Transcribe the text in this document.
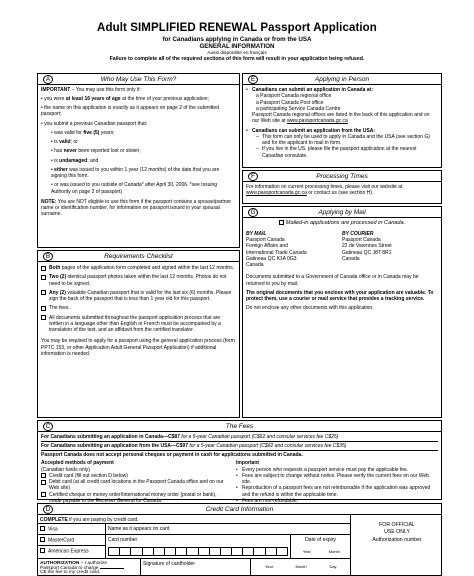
Adult SIMPLIFIED RENEWAL Passport Application
for Canadians applying in Canada or from the USA
GENERAL INFORMATION
Aussi disponible en français
Failure to complete all of the required sections of this form will result in your application being refused.
A	Who May Use This Form?
IMPORTANT – You may use this form only if:
• you were at least 16 years of age at the time of your previous application;
• the name on this application is exactly as it appears on page 2 of the submitted passport;
• you submit a previous Canadian passport that:
• was valid for five (5) years;
• is valid; or
• has never been reported lost or stolen;
• is undamaged; and
• either was issued to you within 1 year (12 months) of the date that you are signing this form.
• or was issued to you outside of Canada* after April 30, 2006. *see Issuing Authority on page 2 of passport)
NOTE: You are NOT eligible to use this form if the passport contains a spouse/partner name or identification number, for information on passport issued in your spousal surname.
B	Requirements Checklist
Both pages of the application form completed and signed within the last 12 months.
Two (2) identical passport photos taken within the last 12 months. Photos do not need to be signed.
Any (2) valuable Canadian passport that is valid for the last six (6) months. Please sign the back of the passport that is less than 1 year old for this passport.
The fees.
All documents submitted throughout the passport application process that are written in a language other than English or French must be accompanied by a translation of the text, and an affidavit from the certified translator.
You may be required to apply for a passport using the general application process (form PPTC 153, or other Application Adult General Passport Application) if additional information is needed.
E	Applying in Person
• Canadians can submit an application in Canada at:
a Passport Canada regional office
a Passport Canada Post office
a participating Service Canada Centre
Passport Canada regional offices are listed in the back of this application and on our Web site at www.passportcanada.gc.ca
• Canadians can submit an application from the USA:
– This form can only be used to apply in Canada and the USA (see section G) and for the applicant to mail in form.
– If you live in the US, please file the passport application at the nearest Canadian consulate.
F	Processing Times
For information on current processing times, please visit our website at www.passportcanada.gc.ca or contact us (see section H).
G	Applying by Mail
Mailed-in applications are processed in Canada.
BY MAIL
Passport Canada
Foreign Affairs and
International Trade Canada
Gatineau QC K1A 0G3
Canada
BY COURIER
Passport Canada
22 de Varennes Street
Gatineau QC J8T 8R1
Canada
Documents submitted to a Government of Canada office or in Canada may be returned to you by mail.
The original documents that you enclose with your application are valuable. To protect them, use a courier or mail service that provides a tracking service.
Do not enclose any other documents with this application.
C	The Fees
For Canadians submitting an application in Canada—C$87 for a 5-year Canadian passport (C$62 and consular services fee C$25)
For Canadians submitting an application from the USA—C$97 for a 5-year Canadian passport (C$62 and consular services fee C$35)
Passport Canada does not accept personal cheques or payment in cash for applications submitted in Canada.
Accepted methods of payment
(Canadian funds only)
Credit card (fill out section D below)
Debit card (at all credit card locations in the Passport Canada office and on our Web site)
Certified cheque or money order/International money order (postal or bank), made payable to the Receiver General for Canada.
Important
• Every person who requests a passport service must pay the applicable fee.
• Fees are subject to change without notice. Please verify the current fees on our Web site.
• Reproduction of a passport fees are not reimbursable if the application was approved and the refund is within the applicable time.
• Fees are non-refundable.
D	Credit Card Information
COMPLETE if you are paying by credit card.
Visa
MasterCard
American Express
Name as it appears on card
Card number	Date of expiry
Year	Month
AUTHORIZATION – I authorize
Passport Canada to charge
C$ the fee to my credit card.
Signature of cardholder	Year	Month	Day
FOR OFFICIAL
USE ONLY
Authorization number
